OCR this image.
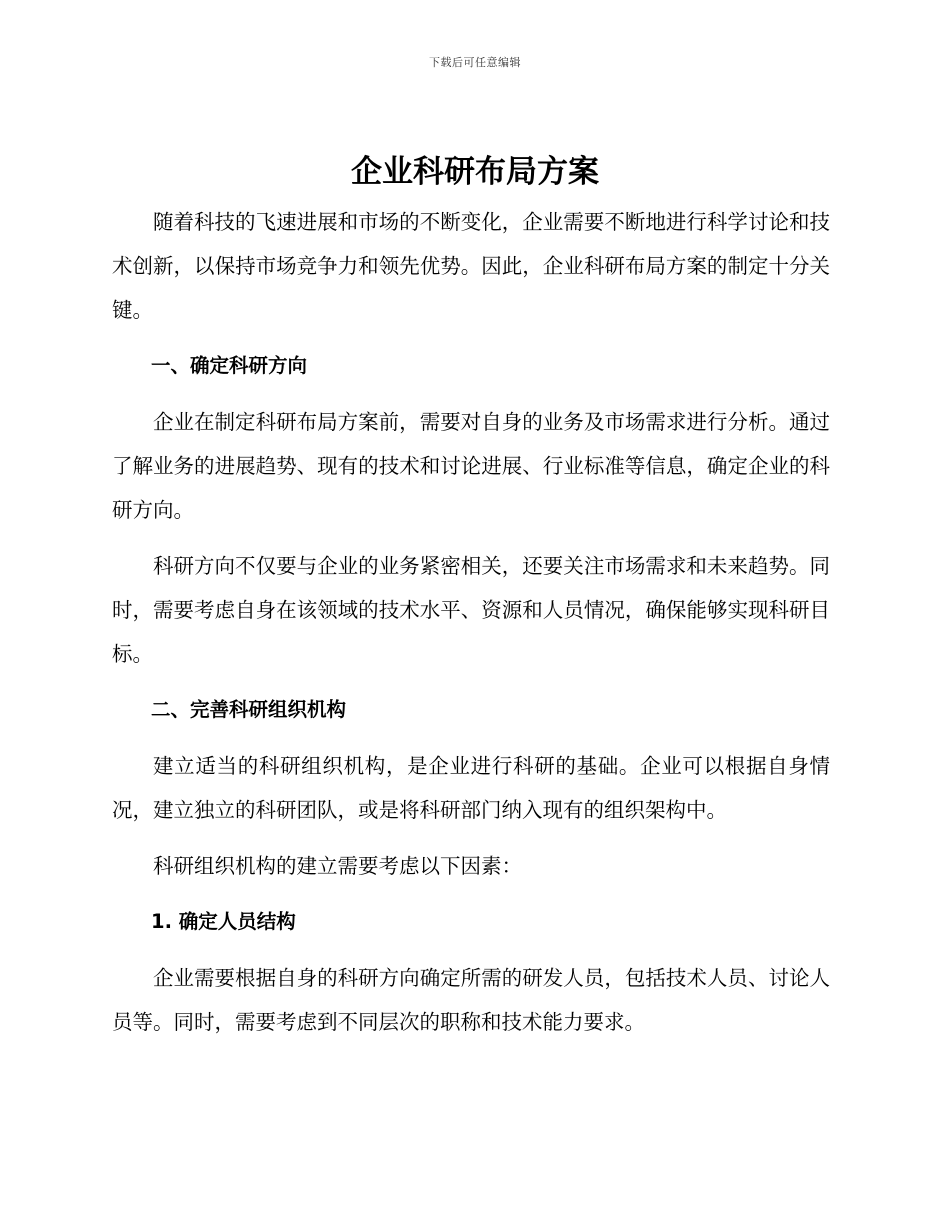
下载后可任意编辑
企业科研布局方案

随着科技的飞速进展和市场的不断变化，企业需要不断地进行科学讨论和技术创新，以保持市场竞争力和领先优势。因此，企业科研布局方案的制定十分关键。

一、确定科研方向

企业在制定科研布局方案前，需要对自身的业务及市场需求进行分析。通过了解业务的进展趋势、现有的技术和讨论进展、行业标准等信息，确定企业的科研方向。

科研方向不仅要与企业的业务紧密相关，还要关注市场需求和未来趋势。同时，需要考虑自身在该领域的技术水平、资源和人员情况，确保能够实现科研目标。

二、完善科研组织机构

建立适当的科研组织机构，是企业进行科研的基础。企业可以根据自身情况，建立独立的科研团队，或是将科研部门纳入现有的组织架构中。

科研组织机构的建立需要考虑以下因素：

1. 确定人员结构

企业需要根据自身的科研方向确定所需的研发人员，包括技术人员、讨论人员等。同时，需要考虑到不同层次的职称和技术能力要求。
